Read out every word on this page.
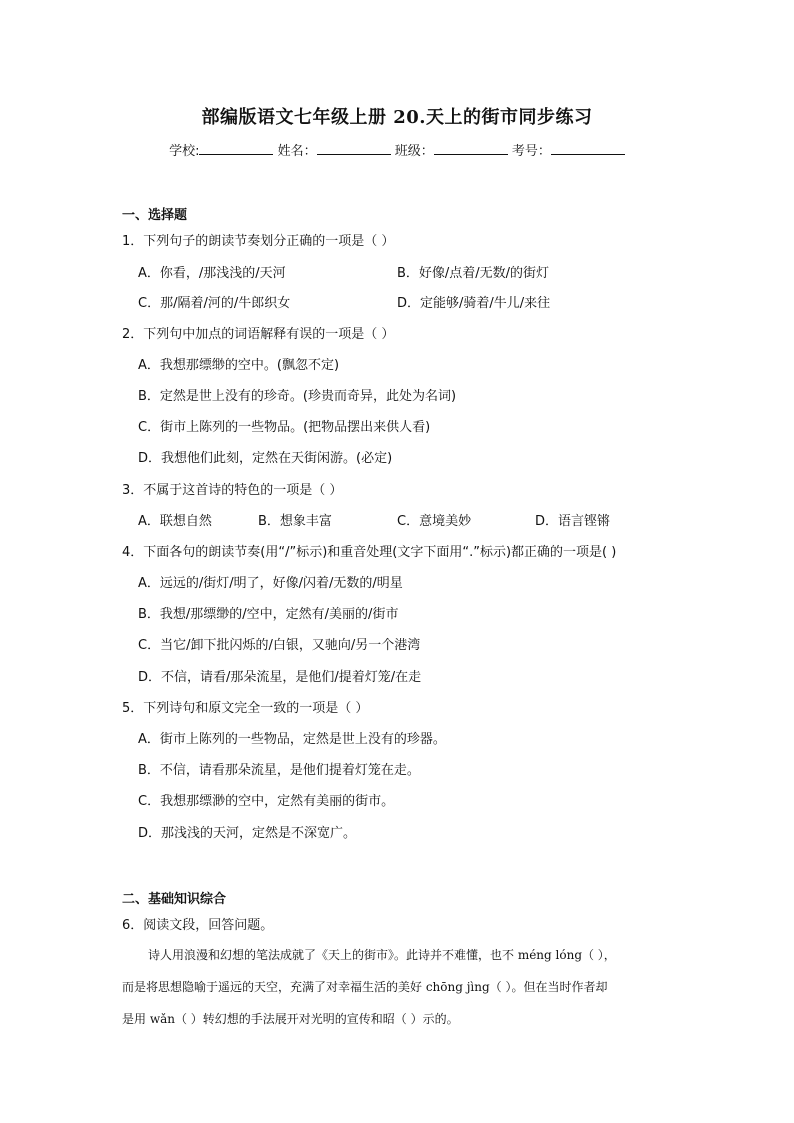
部编版语文七年级上册 20.天上的街市同步练习
学校:	姓名：	班级：	考号：
一、选择题
1．下列句子的朗读节奏划分正确的一项是（ ）
A．你看，/那浅浅的/天河	B．好像/点着/无数/的街灯
C．那/隔着/河的/牛郎织女	D．定能够/骑着/牛儿/来往
2．下列句中加点的词语解释有误的一项是（ ）
A．我想那缥缈的空中。(飘忽不定)
B．定然是世上没有的珍奇。(珍贵而奇异，此处为名词)
C．街市上陈列的一些物品。(把物品摆出来供人看)
D．我想他们此刻，定然在天街闲游。(必定)
3．不属于这首诗的特色的一项是（ ）
A．联想自然	B．想象丰富	C．意境美妙	D．语言铿锵
4．下面各句的朗读节奏(用“/”标示)和重音处理(文字下面用“.”标示)都正确的一项是( )
A．远远的/街灯/明了，好像/闪着/无数的/明星
B．我想/那缥缈的/空中，定然有/美丽的/街市
C．当它/卸下批闪烁的/白银，又驰向/另一个港湾
D．不信，请看/那朵流星，是他们/提着灯笼/在走
5．下列诗句和原文完全一致的一项是（ ）
A．街市上陈列的一些物品，定然是世上没有的珍器。
B．不信，请看那朵流星，是他们提着灯笼在走。
C．我想那缥渺的空中，定然有美丽的街市。
D．那浅浅的天河，定然是不深宽广。
二、基础知识综合
6．阅读文段，回答问题。
诗人用浪漫和幻想的笔法成就了《天上的街市》。此诗并不难懂，也不 méng lóng（ ），
而是将思想隐喻于遥远的天空，充满了对幸福生活的美好 chōng jìng（ ）。但在当时作者却
是用 wǎn（ ）转幻想的手法展开对光明的宣传和昭（ ）示的。
